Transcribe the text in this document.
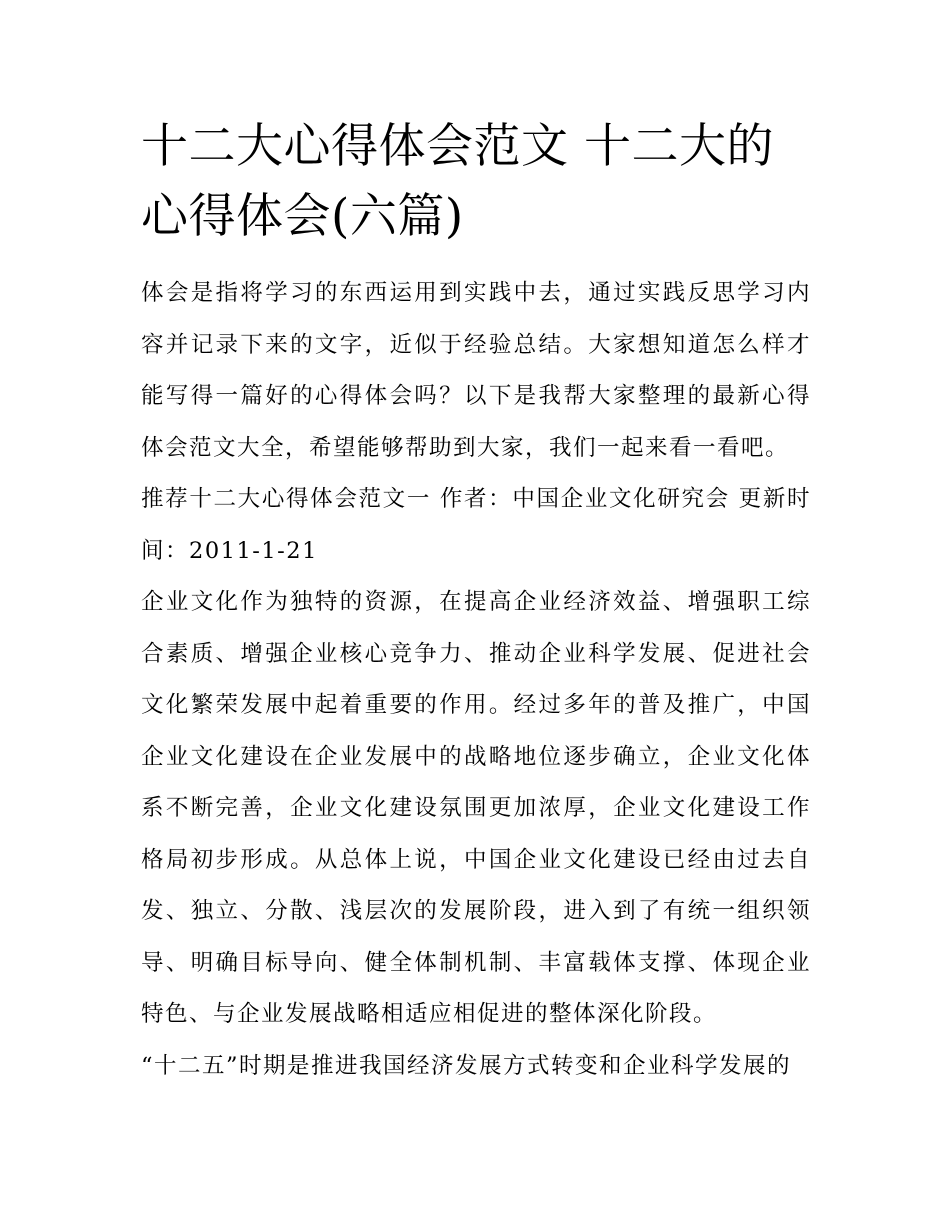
十二大心得体会范文 十二大的心得体会(六篇)

体会是指将学习的东西运用到实践中去，通过实践反思学习内容并记录下来的文字，近似于经验总结。大家想知道怎么样才能写得一篇好的心得体会吗？以下是我帮大家整理的最新心得体会范文大全，希望能够帮助到大家，我们一起来看一看吧。

推荐十二大心得体会范文一 作者：中国企业文化研究会 更新时间：2011-1-21

企业文化作为独特的资源，在提高企业经济效益、增强职工综合素质、增强企业核心竞争力、推动企业科学发展、促进社会文化繁荣发展中起着重要的作用。经过多年的普及推广，中国企业文化建设在企业发展中的战略地位逐步确立，企业文化体系不断完善，企业文化建设氛围更加浓厚，企业文化建设工作格局初步形成。从总体上说，中国企业文化建设已经由过去自发、独立、分散、浅层次的发展阶段，进入到了有统一组织领导、明确目标导向、健全体制机制、丰富载体支撑、体现企业特色、与企业发展战略相适应相促进的整体深化阶段。

“十二五”时期是推进我国经济发展方式转变和企业科学发展的
